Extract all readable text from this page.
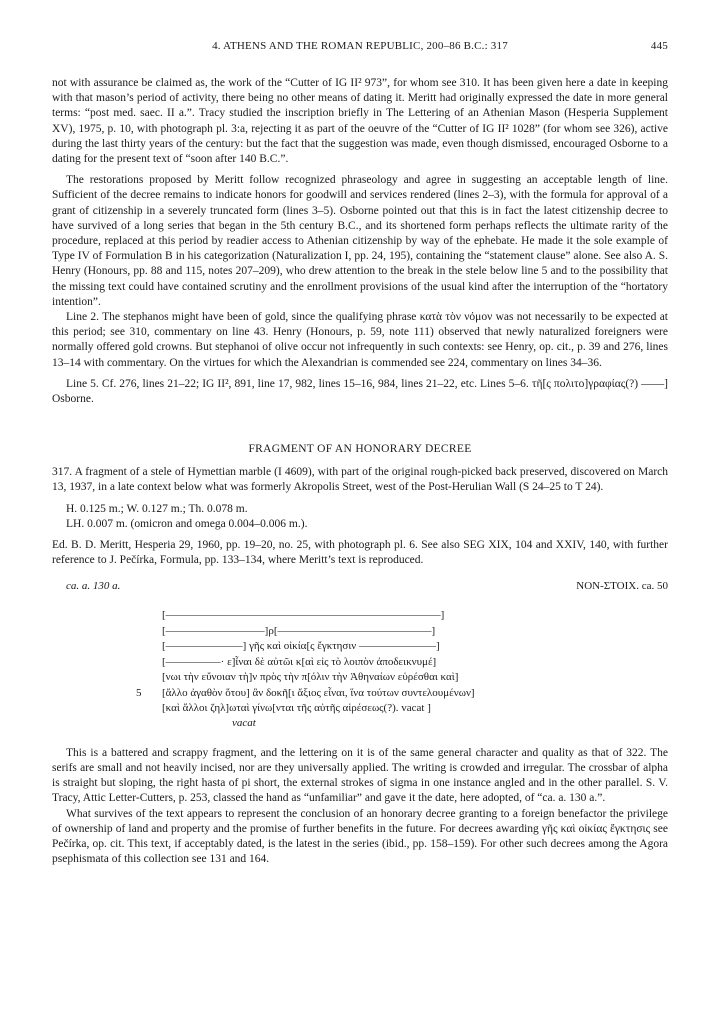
4. ATHENS AND THE ROMAN REPUBLIC, 200–86 B.C.: 317	445

not with assurance be claimed as, the work of the “Cutter of IG II² 973”, for whom see 310. It has been given here a date in keeping with that mason’s period of activity, there being no other means of dating it. Meritt had originally expressed the date in more general terms: “post med. saec. II a.”. Tracy studied the inscription briefly in The Lettering of an Athenian Mason (Hesperia Supplement XV), 1975, p. 10, with photograph pl. 3:a, rejecting it as part of the oeuvre of the “Cutter of IG II² 1028” (for whom see 326), active during the last thirty years of the century: but the fact that the suggestion was made, even though dismissed, encouraged Osborne to a dating for the present text of “soon after 140 B.C.”.

The restorations proposed by Meritt follow recognized phraseology and agree in suggesting an acceptable length of line. Sufficient of the decree remains to indicate honors for goodwill and services rendered (lines 2–3), with the formula for approval of a grant of citizenship in a severely truncated form (lines 3–5). Osborne pointed out that this is in fact the latest citizenship decree to have survived of a long series that began in the 5th century B.C., and its shortened form perhaps reflects the ultimate rarity of the procedure, replaced at this period by readier access to Athenian citizenship by way of the ephebate. He made it the sole example of Type IV of Formulation B in his categorization (Naturalization I, pp. 24, 195), containing the “statement clause” alone. See also A. S. Henry (Honours, pp. 88 and 115, notes 207–209), who drew attention to the break in the stele below line 5 and to the possibility that the missing text could have contained scrutiny and the enrollment provisions of the usual kind after the interruption of the “hortatory intention”.

Line 2. The stephanos might have been of gold, since the qualifying phrase κατὰ τὸν νόμον was not necessarily to be expected at this period; see 310, commentary on line 43. Henry (Honours, p. 59, note 111) observed that newly naturalized foreigners were normally offered gold crowns. But stephanoi of olive occur not infrequently in such contexts: see Henry, op. cit., p. 39 and 276, lines 13–14 with commentary. On the virtues for which the Alexandrian is commended see 224, commentary on lines 34–36.

Line 5. Cf. 276, lines 21–22; IG II², 891, line 17, 982, lines 15–16, 984, lines 21–22, etc. Lines 5–6. τῆ[ς πολιτο]γραφίας(?) ––––] Osborne.

FRAGMENT OF AN HONORARY DECREE

317. A fragment of a stele of Hymettian marble (I 4609), with part of the original rough-picked back preserved, discovered on March 13, 1937, in a late context below what was formerly Akropolis Street, west of the Post-Herulian Wall (S 24–25 to T 24).

H. 0.125 m.; W. 0.127 m.; Th. 0.078 m.

LH. 0.007 m. (omicron and omega 0.004–0.006 m.).

Ed. B. D. Meritt, Hesperia 29, 1960, pp. 19–20, no. 25, with photograph pl. 6. See also SEG XIX, 104 and XXIV, 140, with further reference to J. Pečírka, Formula, pp. 133–134, where Meritt’s text is reproduced.

ca. a. 130 a.	NON-ΣΤΟΙΧ. ca. 50
[––––––––––––––––––––––––––––––––––––––––––––––––––]
[––––––––––––––––––]ρ[––––––––––––––––––––––––––––]
[––––––––––––––] γῆς καὶ οἰκία[ς ἔγκτησιν ––––––––––––––]
[––––––––––· ε]ἶναι δὲ αὐτῶι κ[αὶ εἰς τὸ λοιπὸν ἀποδεικνυμέ]
[νωι τὴν εὔνοιαν τὴ]ν πρὸς τὴν π[όλιν τὴν Ἀθηναίων εὑρέσθαι καὶ]
5	[ἄλλο ἀγαθὸν ὅτου] ἂν δοκῆ[ι ἄξιος εἶναι, ἵνα τούτων συντελουμένων]
[καὶ ἄλλοι ζηλ]ωταὶ γίνω[νται τῆς αὐτῆς αἱρέσεως(?). vacat ]
vacat

This is a battered and scrappy fragment, and the lettering on it is of the same general character and quality as that of 322. The serifs are small and not heavily incised, nor are they universally applied. The writing is crowded and irregular. The crossbar of alpha is straight but sloping, the right hasta of pi short, the external strokes of sigma in one instance angled and in the other parallel. S. V. Tracy, Attic Letter-Cutters, p. 253, classed the hand as “unfamiliar” and gave it the date, here adopted, of “ca. a. 130 a.”.

What survives of the text appears to represent the conclusion of an honorary decree granting to a foreign benefactor the privilege of ownership of land and property and the promise of further benefits in the future. For decrees awarding γῆς καὶ οἰκίας ἔγκτησις see Pečírka, op. cit. This text, if acceptably dated, is the latest in the series (ibid., pp. 158–159). For other such decrees among the Agora psephismata of this collection see 131 and 164.
